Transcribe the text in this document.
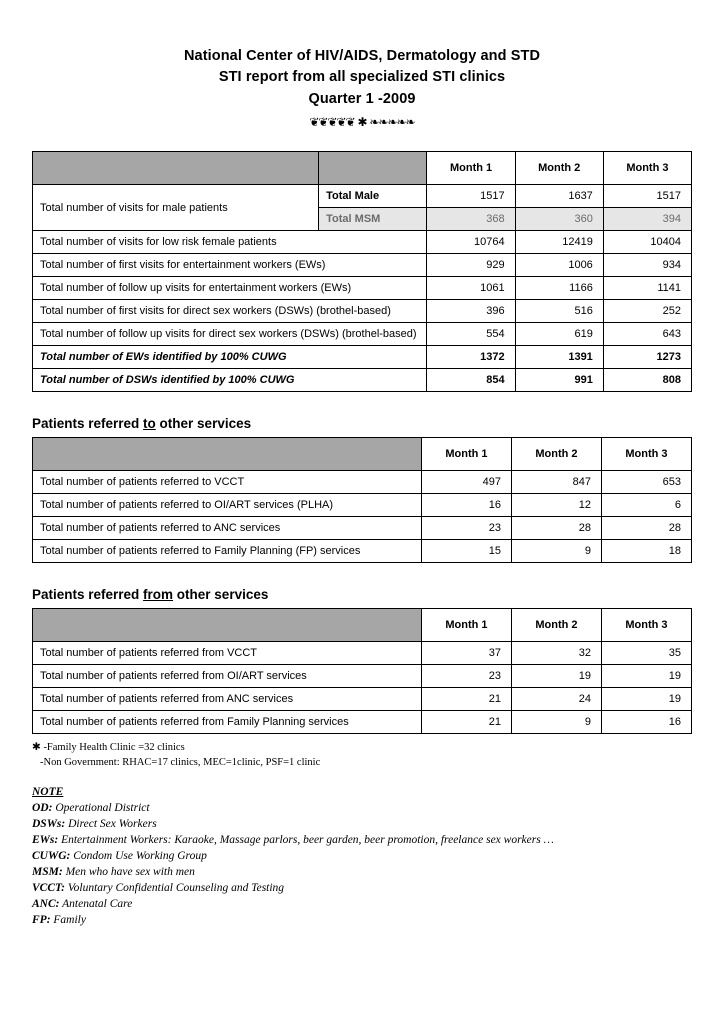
National Center of HIV/AIDS, Dermatology and STD
STI report from all specialized STI clinics
Quarter 1 -2009
❦❦❦❦❦ ✱ ❧❧❧❧❧
		Month 1	Month 2	Month 3
Total number of visits for male patients	Total Male	1517	1637	1517
	Total MSM	368	360	394
Total number of visits for low risk female patients		10764	12419	10404
Total number of first visits for entertainment workers (EWs)		929	1006	934
Total number of follow up visits for entertainment workers (EWs)		1061	1166	1141
Total number of first visits for direct sex workers (DSWs) (brothel-based)		396	516	252
Total number of follow up visits for direct sex workers (DSWs) (brothel-based)		554	619	643
Total number of EWs identified by 100% CUWG		1372	1391	1273
Total number of DSWs identified by 100% CUWG		854	991	808
Patients referred to other services
	Month 1	Month 2	Month 3
Total number of patients referred to VCCT	497	847	653
Total number of patients referred to OI/ART services (PLHA)	16	12	6
Total number of patients referred to ANC services	23	28	28
Total number of patients referred to Family Planning (FP) services	15	9	18
Patients referred from other services
	Month 1	Month 2	Month 3
Total number of patients referred from VCCT	37	32	35
Total number of patients referred from OI/ART services	23	19	19
Total number of patients referred from ANC services	21	24	19
Total number of patients referred from Family Planning services	21	9	16
✱ -Family Health Clinic =32 clinics
-Non Government: RHAC=17 clinics, MEC=1clinic, PSF=1 clinic
NOTE
OD: Operational District
DSWs: Direct Sex Workers
EWs: Entertainment Workers: Karaoke, Massage parlors, beer garden, beer promotion, freelance sex workers …
CUWG: Condom Use Working Group
MSM: Men who have sex with men
VCCT: Voluntary Confidential Counseling and Testing
ANC: Antenatal Care
FP: Family
